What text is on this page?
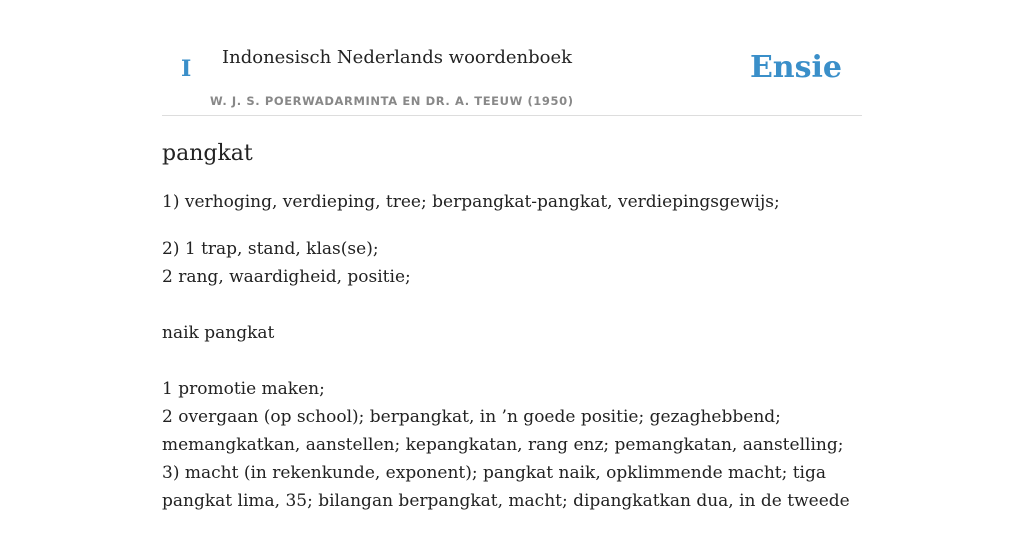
I Indonesisch Nederlands woordenboek
W. J. S. POERWADARMINTA EN DR. A. TEEUW (1950)
Ensie
pangkat

1) verhoging, verdieping, tree; berpangkat-pangkat, verdiepingsgewijs;

2) 1 trap, stand, klas(se);
2 rang, waardigheid, positie;

naik pangkat

1 promotie maken;
2 overgaan (op school); berpangkat, in ’n goede positie; gezaghebbend; memangkatkan, aanstellen; kepangkatan, rang enz; pemangkatan, aanstelling;
3) macht (in rekenkunde, exponent); pangkat naik, opklimmende macht; tiga pangkat lima, 35; bilangan berpangkat, macht; dipangkatkan dua, in de tweede
